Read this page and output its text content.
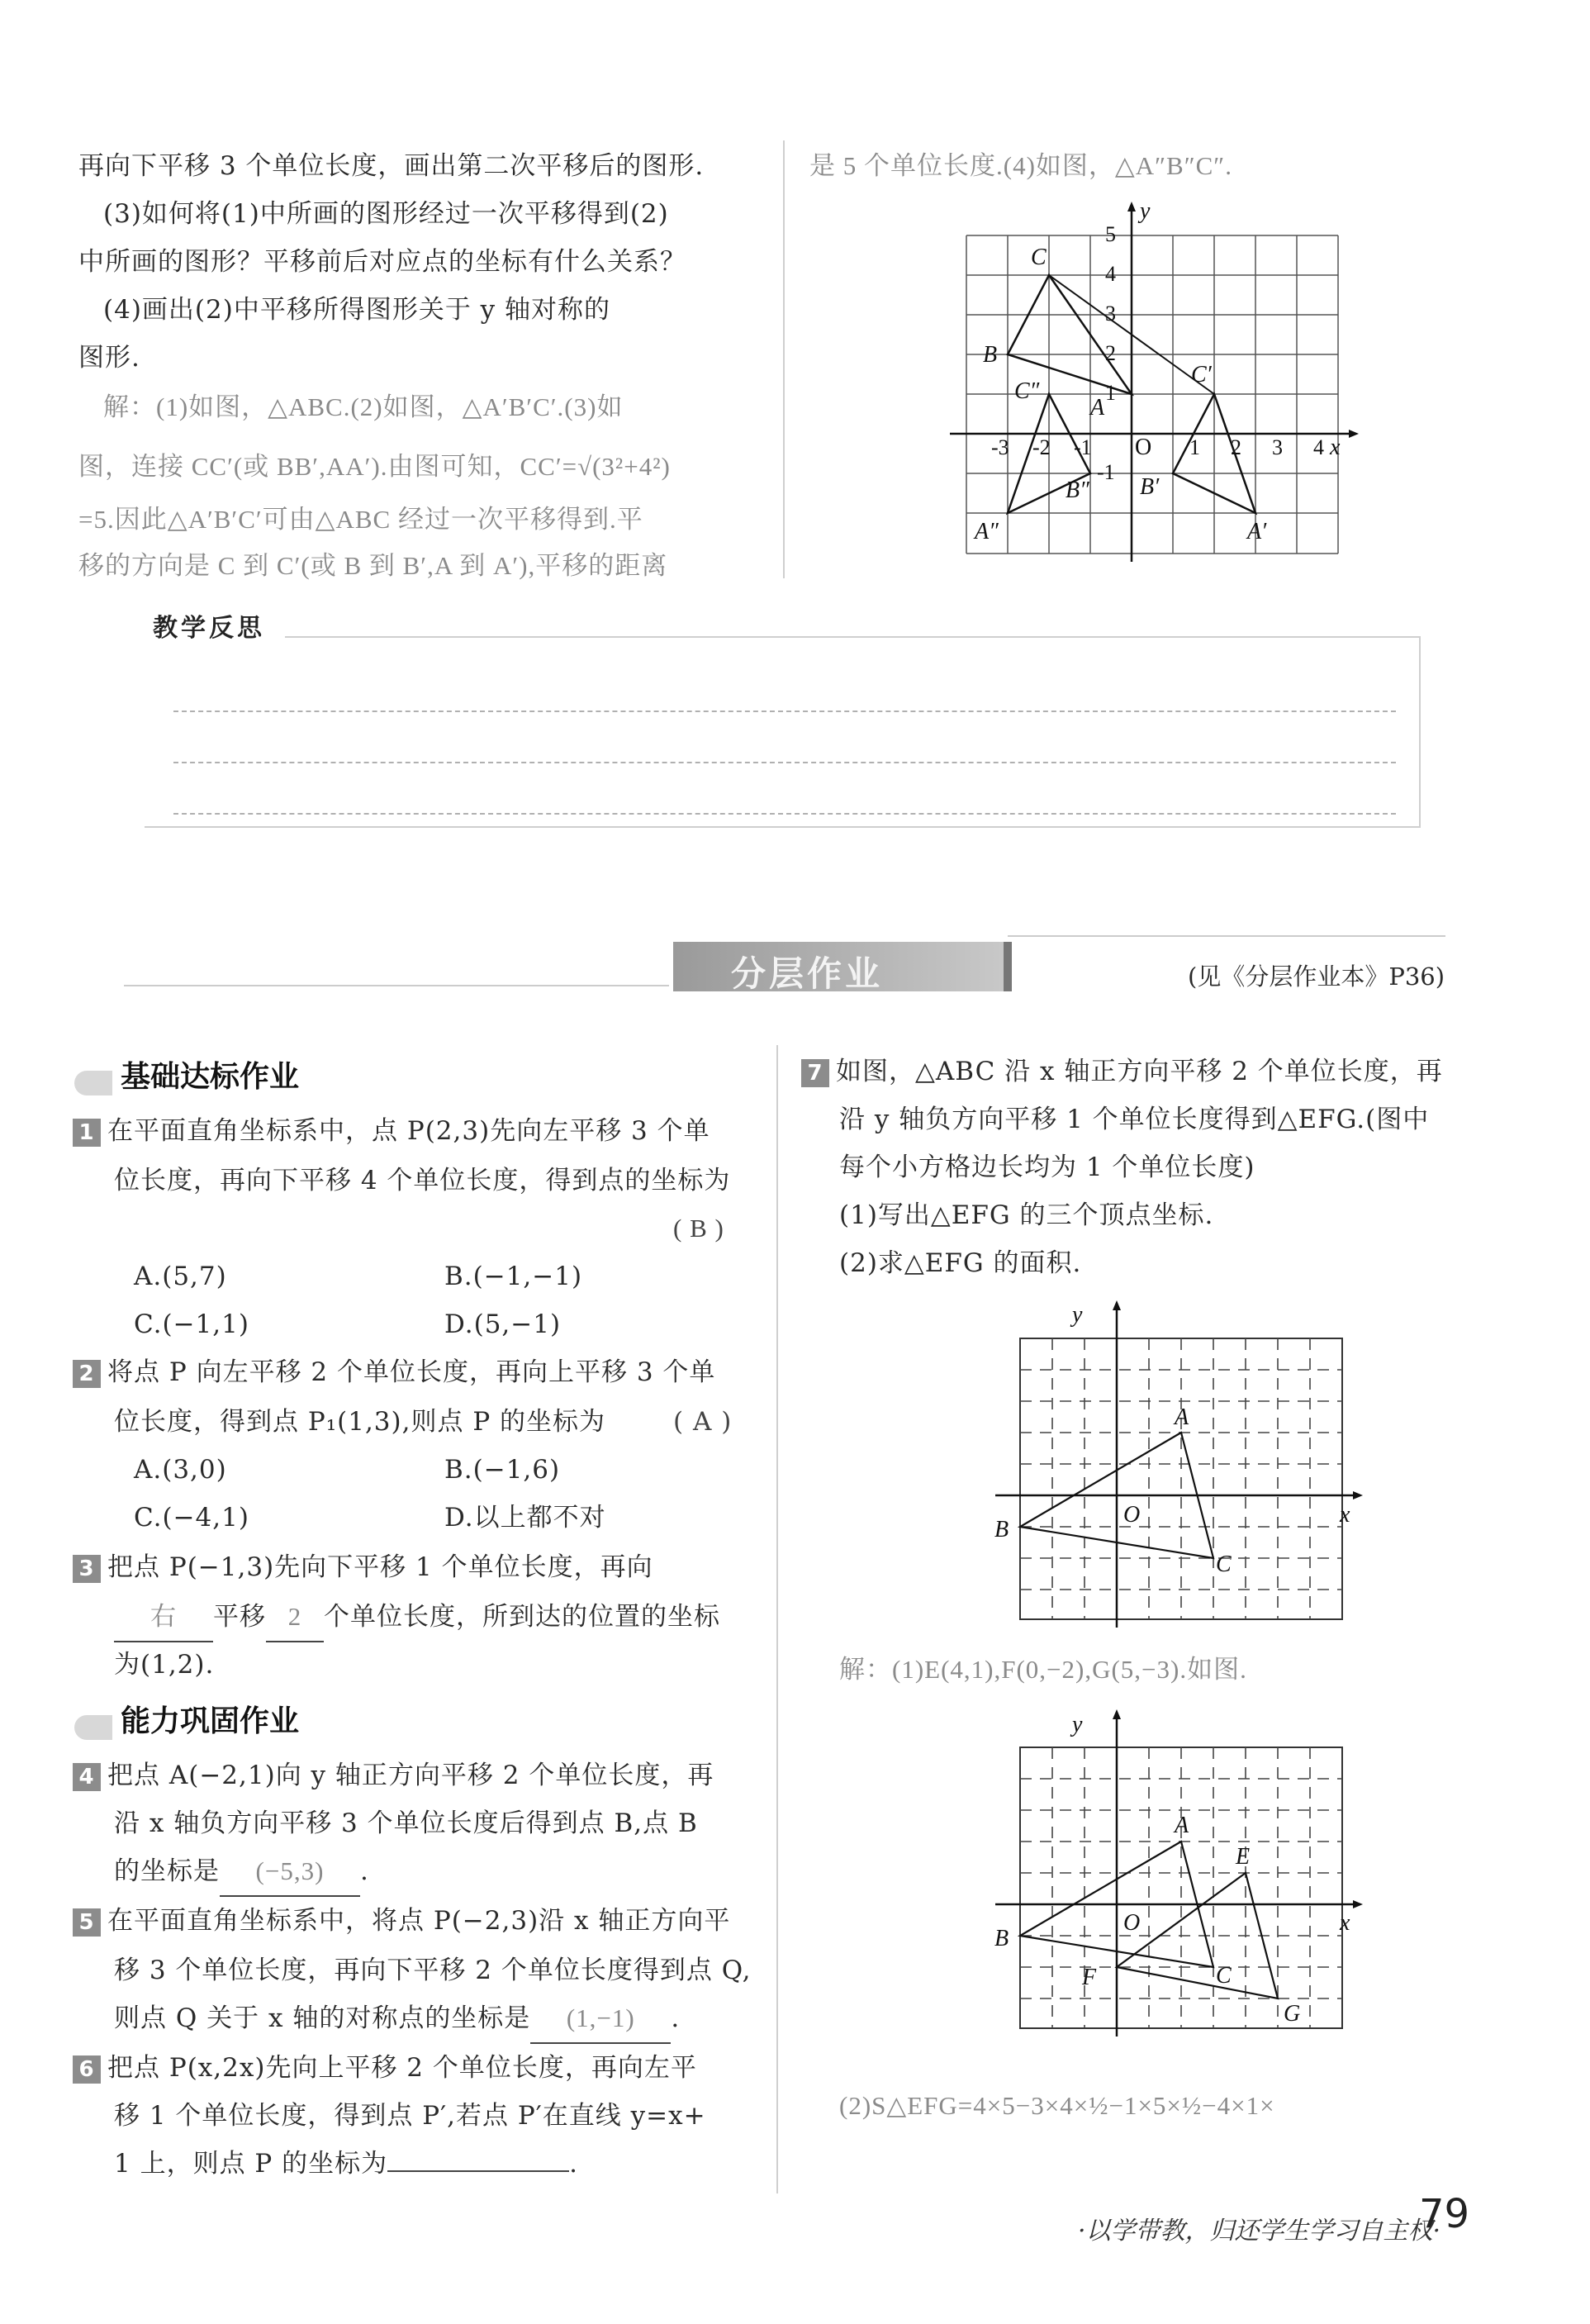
再向下平移 3 个单位长度，画出第二次平移后的图形.
(3)如何将(1)中所画的图形经过一次平移得到(2)
中所画的图形？平移前后对应点的坐标有什么关系？
(4)画出(2)中平移所得图形关于 y 轴对称的
图形.
解：(1)如图，△ABC.(2)如图，△A′B′C′.(3)如
图，连接 CC′(或 BB′,AA′).由图可知，CC′=√(3²+4²)
=5.因此△A′B′C′可由△ABC 经过一次平移得到.平
移的方向是 C 到 C′(或 B 到 B′,A 到 A′),平移的距离
是 5 个单位长度.(4)如图，△A″B″C″.
C
B
A
C′
A′
B′
C″
A″
B″
x
y
O
-3 -2 -1	1 2 3 4
5
4
3
2
1
-1
教学反思
分层作业	(见《分层作业本》P36)
基础达标作业
1 在平面直角坐标系中，点 P(2,3)先向左平移 3 个单
位长度，再向下平移 4 个单位长度，得到点的坐标为
( B )
A.(5,7)	B.(−1,−1)
C.(−1,1)	D.(5,−1)
2 将点 P 向左平移 2 个单位长度，再向上平移 3 个单
位长度，得到点 P₁(1,3),则点 P 的坐标为	( A )
A.(3,0)	B.(−1,6)
C.(−4,1)	D.以上都不对
3 把点 P(−1,3)先向下平移 1 个单位长度，再向
右 平移 2 个单位长度，所到达的位置的坐标
为(1,2).
能力巩固作业
4 把点 A(−2,1)向 y 轴正方向平移 2 个单位长度，再
沿 x 轴负方向平移 3 个单位长度后得到点 B,点 B
的坐标是 (−5,3) .
5 在平面直角坐标系中，将点 P(−2,3)沿 x 轴正方向平
移 3 个单位长度，再向下平移 2 个单位长度得到点 Q,
则点 Q 关于 x 轴的对称点的坐标是 (1,−1) .
6 把点 P(x,2x)先向上平移 2 个单位长度，再向左平
移 1 个单位长度，得到点 P′,若点 P′在直线 y=x+
1 上，则点 P 的坐标为	.
7 如图，△ABC 沿 x 轴正方向平移 2 个单位长度，再
沿 y 轴负方向平移 1 个单位长度得到△EFG.(图中
每个小方格边长均为 1 个单位长度)
(1)写出△EFG 的三个顶点坐标.
(2)求△EFG 的面积.
A
B
C
O	x
y
解：(1)E(4,1),F(0,−2),G(5,−3).如图.
A
B
C
E
F
G
O	x
y
(2)S△EFG=4×5−3×4×½−1×5×½−4×1×
·以学带教，归还学生学习自主权·
79
